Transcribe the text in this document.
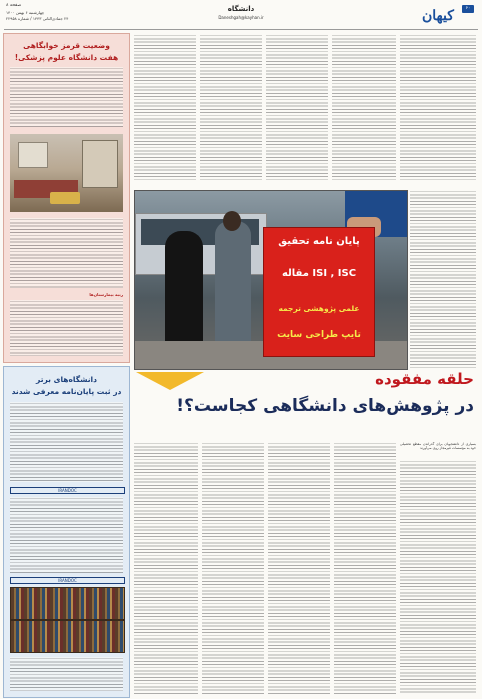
صفحه ۸
چهارشنبه ۶ بهمن ۱۴۰۰
۲۴ جمادی‌الثانی ۱۴۴۳ / شماره ۲۲۹۵۸
دانشگاه
Daneshgah@kayhan.ir
۶۰
کیهان
وضعیت قرمز خوابگاهی
هفت دانشگاه علوم پزشکی!
رتبه بیمارستان‌ها
دانشگاه‌های برتر
در ثبت پایان‌نامه معرفی شدند
IRANDOC
IRANDOC
پایان نامه تحقیق
ISI , ISC مقاله
علمی پژوهشی ترجمه
تایپ طراحی سایت
حلقه مفقوده
در پژوهش‌های دانشگاهی کجاست؟!
بسیاری از دانشجویان برای گذراندن مقطع تحصیلی خود به مؤسسات غیرمجاز روی می‌آورند
